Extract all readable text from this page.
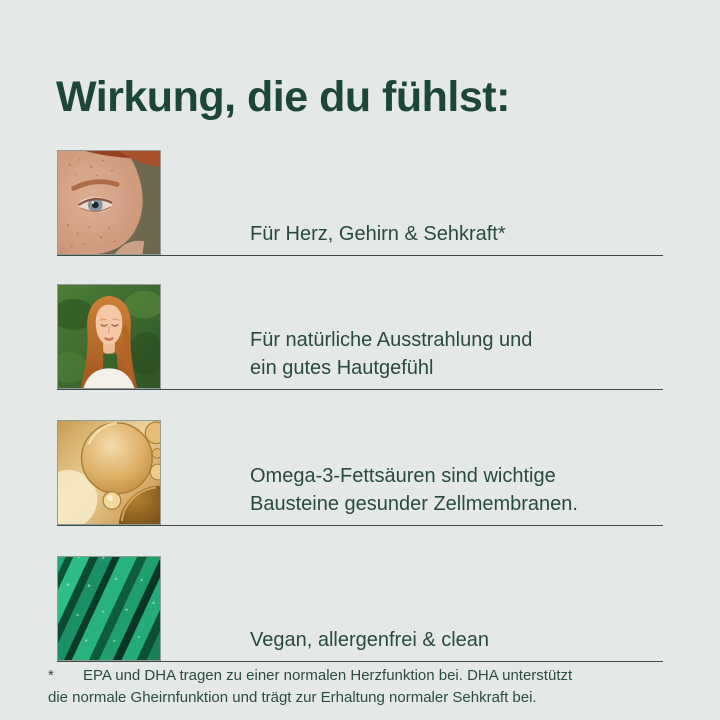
Wirkung, die du fühlst:
Für Herz, Gehirn & Sehkraft*
Für natürliche Ausstrahlung und
ein gutes Hautgefühl
Omega-3-Fettsäuren sind wichtige
Bausteine gesunder Zellmembranen.
Vegan, allergenfrei & clean
* EPA und DHA tragen zu einer normalen Herzfunktion bei. DHA unterstützt
die normale Gheirnfunktion und trägt zur Erhaltung normaler Sehkraft bei.
